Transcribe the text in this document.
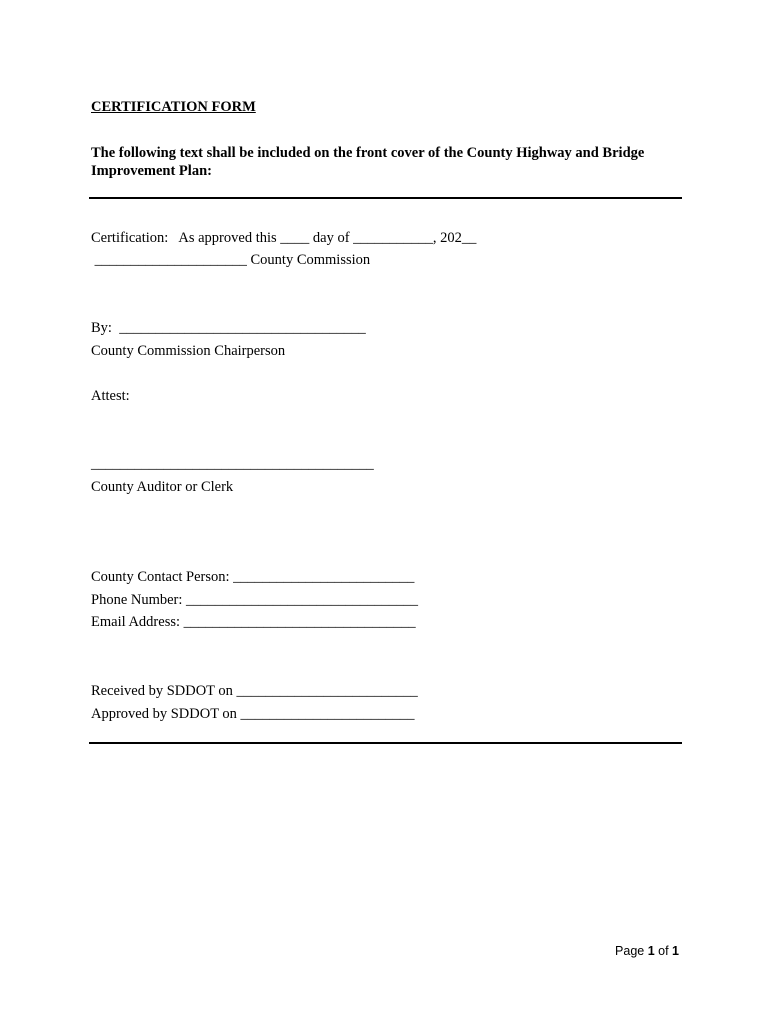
CERTIFICATION FORM
The following text shall be included on the front cover of the County Highway and Bridge
Improvement Plan:
Certification:   As approved this ____ day of ___________, 202__
_____________________ County Commission
By:  __________________________________
County Commission Chairperson
Attest:
_______________________________________
County Auditor or Clerk
County Contact Person: _________________________
Phone Number: ________________________________
Email Address: ________________________________
Received by SDDOT on _________________________
Approved by SDDOT on ________________________
Page 1 of 1
